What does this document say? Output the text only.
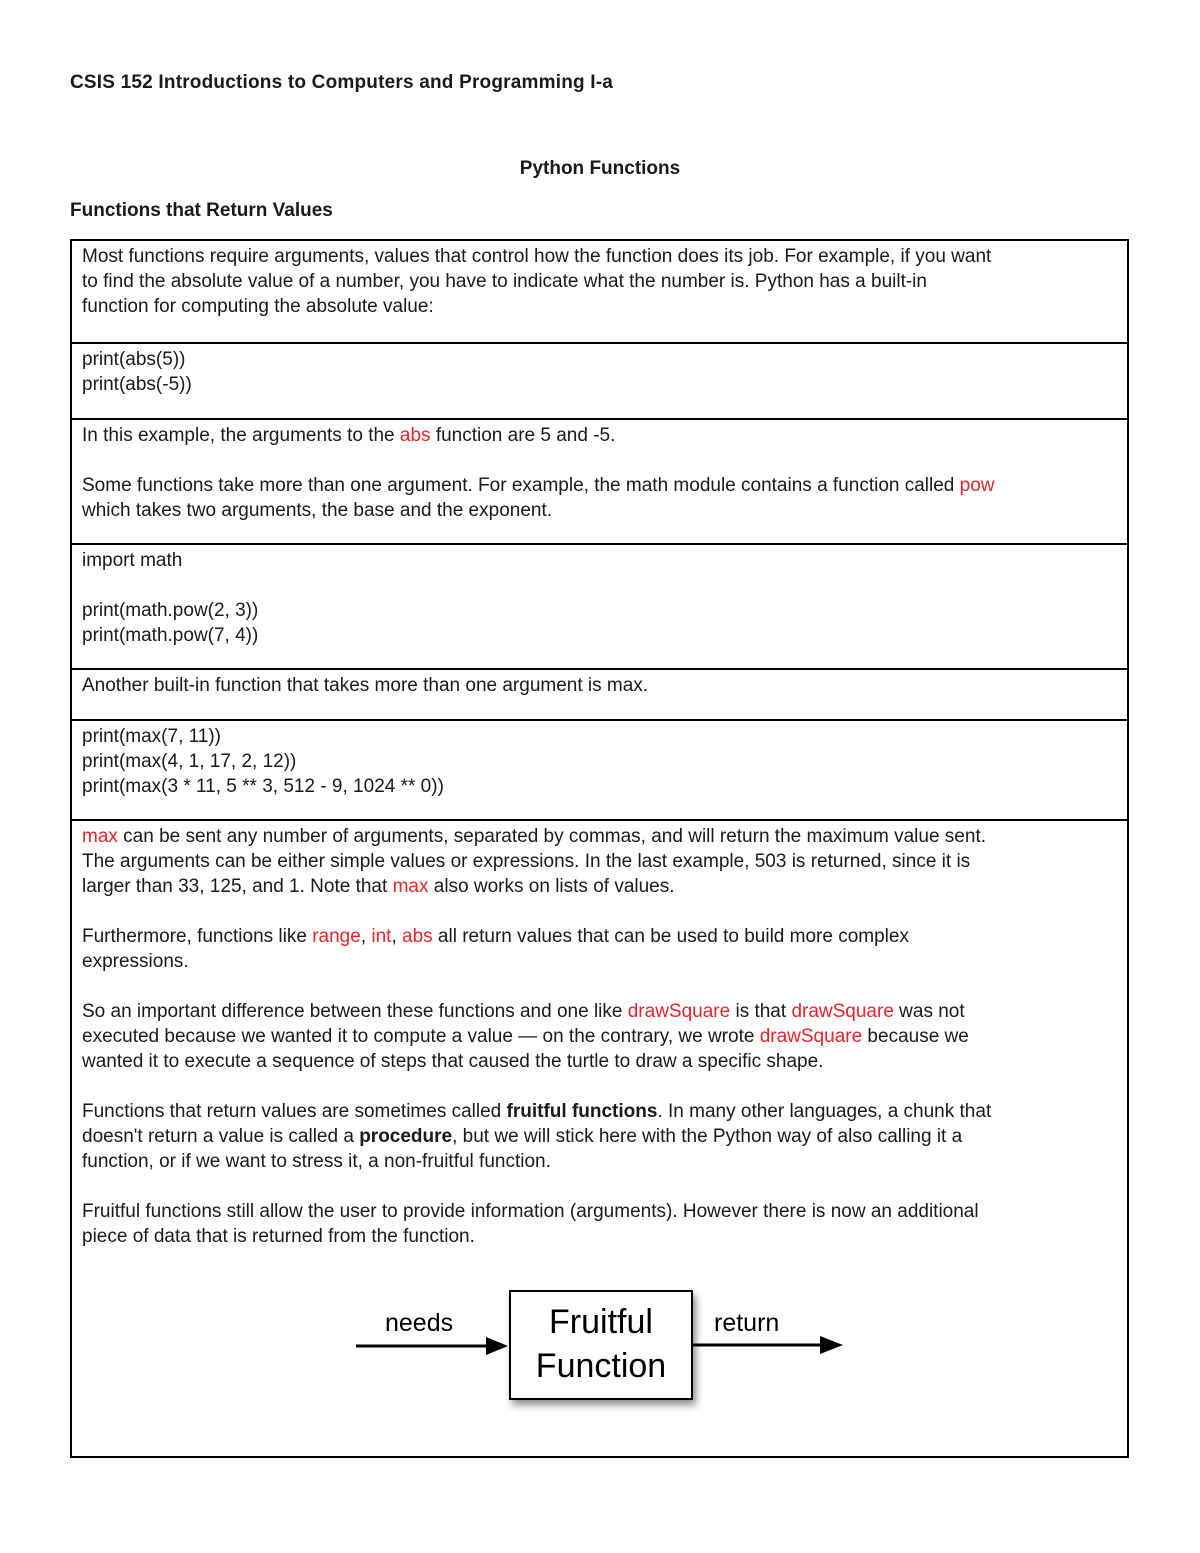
CSIS 152 Introductions to Computers and Programming I-a
Python Functions
Functions that Return Values
Most functions require arguments, values that control how the function does its job. For example, if you want
to find the absolute value of a number, you have to indicate what the number is. Python has a built-in
function for computing the absolute value:
print(abs(5))
print(abs(-5))

In this example, the arguments to the abs function are 5 and -5.

Some functions take more than one argument. For example, the math module contains a function called pow
which takes two arguments, the base and the exponent.

import math

print(math.pow(2, 3))
print(math.pow(7, 4))
Another built-in function that takes more than one argument is max.
print(max(7, 11))
print(max(4, 1, 17, 2, 12))
print(max(3 * 11, 5 ** 3, 512 - 9, 1024 ** 0))

max can be sent any number of arguments, separated by commas, and will return the maximum value sent.
The arguments can be either simple values or expressions. In the last example, 503 is returned, since it is
larger than 33, 125, and 1. Note that max also works on lists of values.

Furthermore, functions like range, int, abs all return values that can be used to build more complex
expressions.

So an important difference between these functions and one like drawSquare is that drawSquare was not
executed because we wanted it to compute a value — on the contrary, we wrote drawSquare because we
wanted it to execute a sequence of steps that caused the turtle to draw a specific shape.

Functions that return values are sometimes called fruitful functions. In many other languages, a chunk that
doesn't return a value is called a procedure, but we will stick here with the Python way of also calling it a
function, or if we want to stress it, a non-fruitful function.

Fruitful functions still allow the user to provide information (arguments). However there is now an additional
piece of data that is returned from the function.

needs	Fruitful
Function
return
